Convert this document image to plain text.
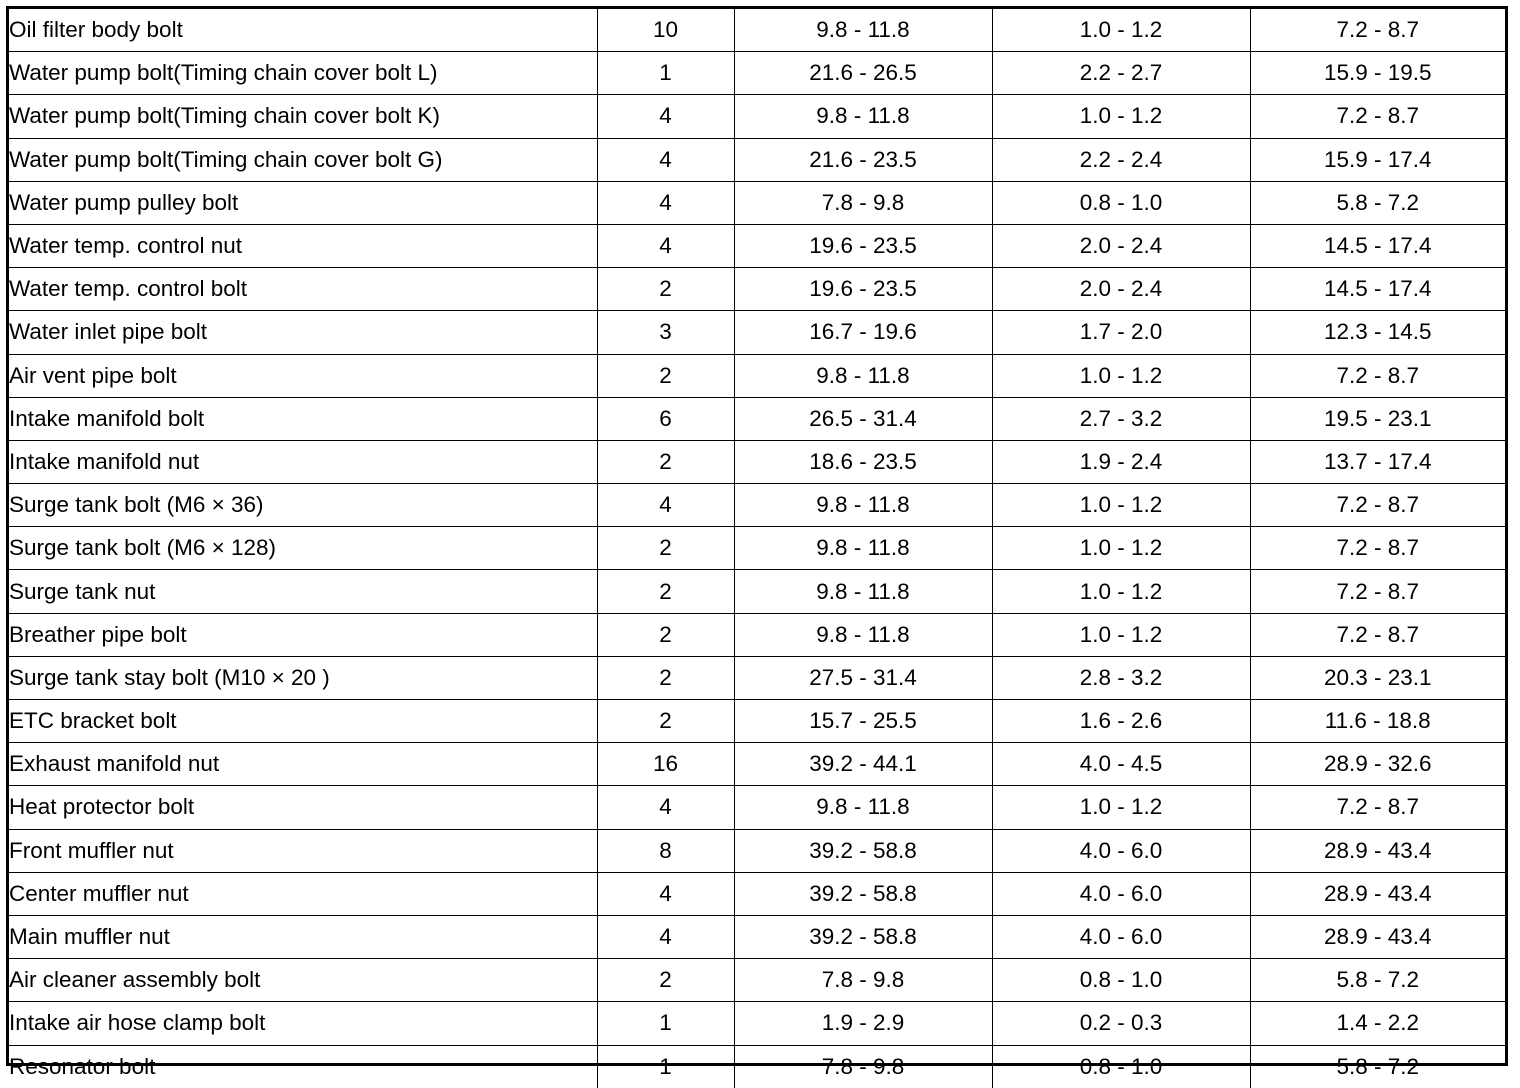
Oil filter body bolt	10	9.8 - 11.8	1.0 - 1.2	7.2 - 8.7
Water pump bolt(Timing chain cover bolt L)	1	21.6 - 26.5	2.2 - 2.7	15.9 - 19.5
Water pump bolt(Timing chain cover bolt K)	4	9.8 - 11.8	1.0 - 1.2	7.2 - 8.7
Water pump bolt(Timing chain cover bolt G)	4	21.6 - 23.5	2.2 - 2.4	15.9 - 17.4
Water pump pulley bolt	4	7.8 - 9.8	0.8 - 1.0	5.8 - 7.2
Water temp. control nut	4	19.6 - 23.5	2.0 - 2.4	14.5 - 17.4
Water temp. control bolt	2	19.6 - 23.5	2.0 - 2.4	14.5 - 17.4
Water inlet pipe bolt	3	16.7 - 19.6	1.7 - 2.0	12.3 - 14.5
Air vent pipe bolt	2	9.8 - 11.8	1.0 - 1.2	7.2 - 8.7
Intake manifold bolt	6	26.5 - 31.4	2.7 - 3.2	19.5 - 23.1
Intake manifold nut	2	18.6 - 23.5	1.9 - 2.4	13.7 - 17.4
Surge tank bolt (M6 × 36)	4	9.8 - 11.8	1.0 - 1.2	7.2 - 8.7
Surge tank bolt (M6 × 128)	2	9.8 - 11.8	1.0 - 1.2	7.2 - 8.7
Surge tank nut	2	9.8 - 11.8	1.0 - 1.2	7.2 - 8.7
Breather pipe bolt	2	9.8 - 11.8	1.0 - 1.2	7.2 - 8.7
Surge tank stay bolt (M10 × 20 )	2	27.5 - 31.4	2.8 - 3.2	20.3 - 23.1
ETC bracket bolt	2	15.7 - 25.5	1.6 - 2.6	11.6 - 18.8
Exhaust manifold nut	16	39.2 - 44.1	4.0 - 4.5	28.9 - 32.6
Heat protector bolt	4	9.8 - 11.8	1.0 - 1.2	7.2 - 8.7
Front muffler nut	8	39.2 - 58.8	4.0 - 6.0	28.9 - 43.4
Center muffler nut	4	39.2 - 58.8	4.0 - 6.0	28.9 - 43.4
Main muffler nut	4	39.2 - 58.8	4.0 - 6.0	28.9 - 43.4
Air cleaner assembly bolt	2	7.8 - 9.8	0.8 - 1.0	5.8 - 7.2
Intake air hose clamp bolt	1	1.9 - 2.9	0.2 - 0.3	1.4 - 2.2
Resonator bolt	1	7.8 - 9.8	0.8 - 1.0	5.8 - 7.2
